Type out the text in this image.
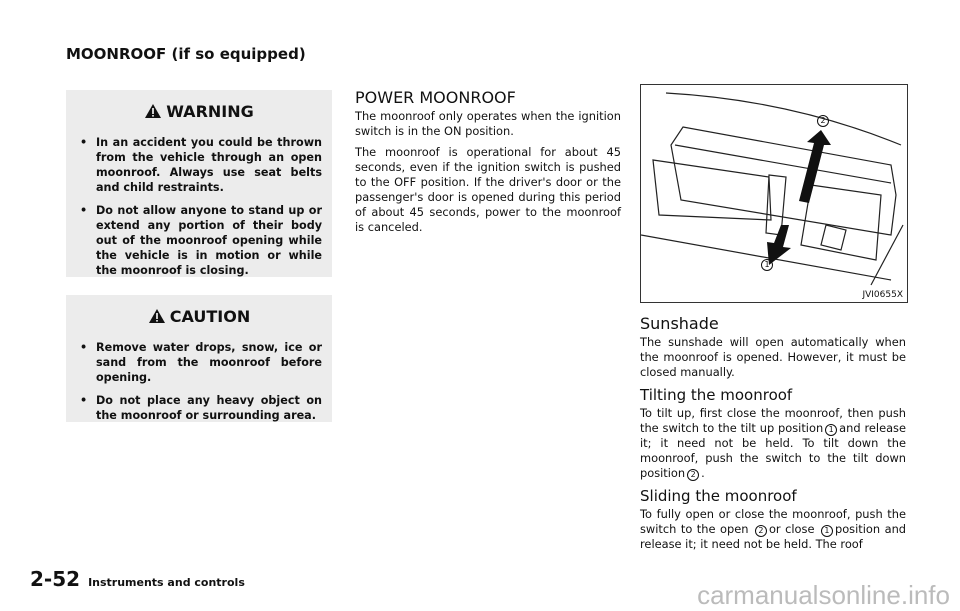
MOONROOF (if so equipped)
WARNING
• In an accident you could be thrown from the vehicle through an open moonroof. Always use seat belts and child restraints.
• Do not allow anyone to stand up or extend any portion of their body out of the moonroof opening while the vehicle is in motion or while the moonroof is closing.
CAUTION
• Remove water drops, snow, ice or sand from the moonroof before opening.
• Do not place any heavy object on the moonroof or surrounding area.
POWER MOONROOF

The moonroof only operates when the ignition switch is in the ON position.

The moonroof is operational for about 45 seconds, even if the ignition switch is pushed to the OFF position. If the driver's door or the passenger's door is opened during this period of about 45 seconds, power to the moonroof is canceled.

2
1
JVI0655X
Sunshade

The sunshade will open automatically when the moonroof is opened. However, it must be closed manually.

Tilting the moonroof

To tilt up, first close the moonroof, then push the switch to the tilt up position 1 and release it; it need not be held. To tilt down the moonroof, push the switch to the tilt down position 2 .

Sliding the moonroof

To fully open or close the moonroof, push the switch to the open 2 or close 1 position and release it; it need not be held. The roof

2-52 Instruments and controls	carmanualsonline.info
